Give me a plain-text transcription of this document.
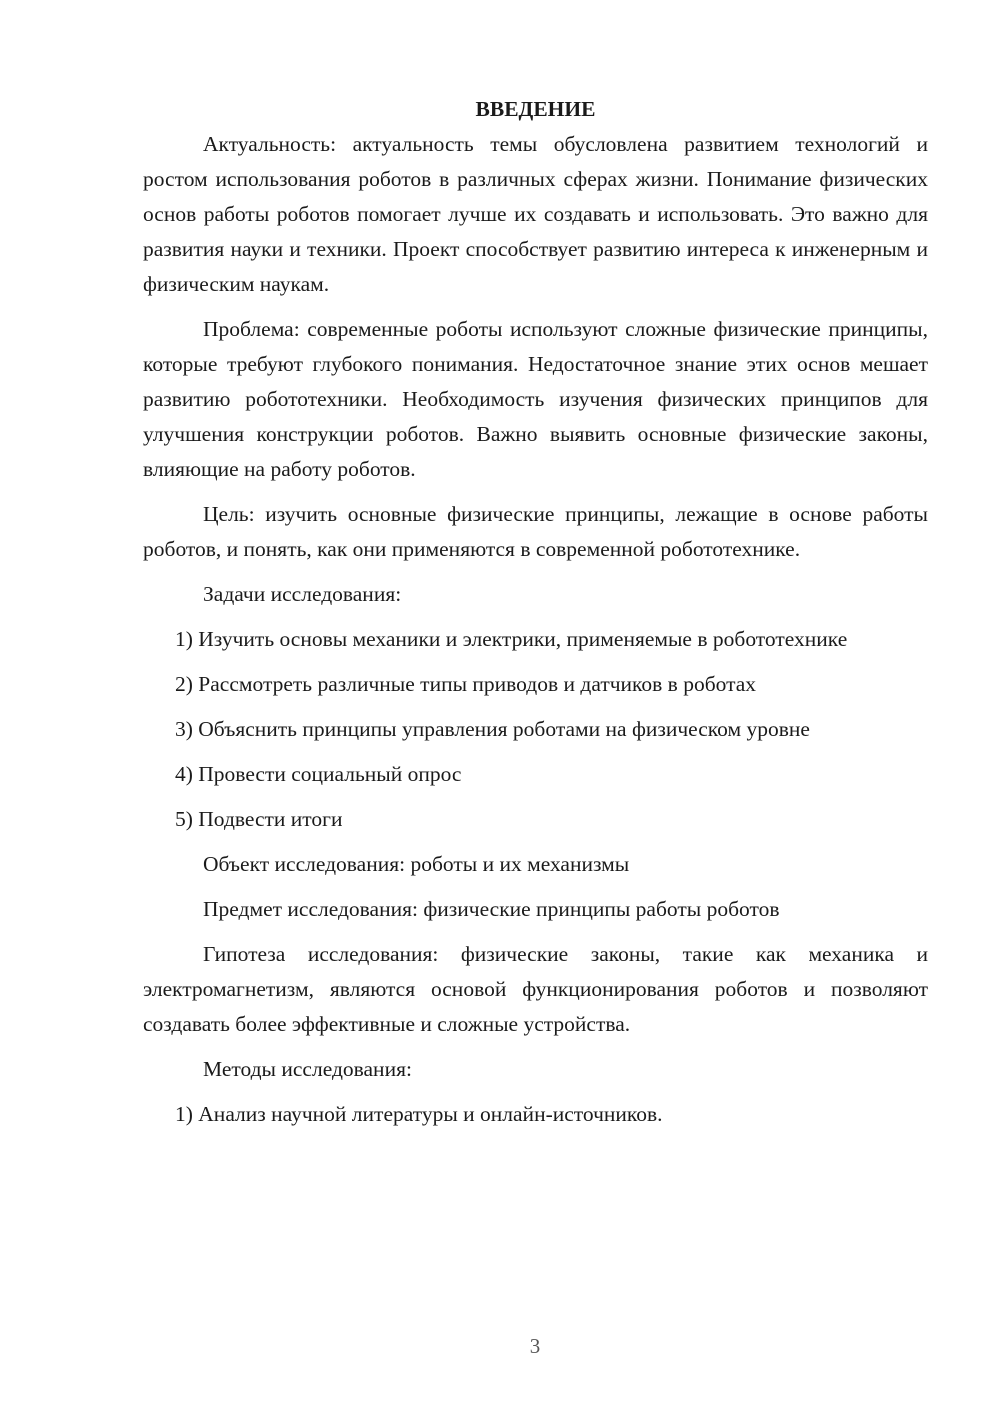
ВВЕДЕНИЕ

Актуальность: актуальность темы обусловлена развитием технологий и ростом использования роботов в различных сферах жизни. Понимание физических основ работы роботов помогает лучше их создавать и использовать. Это важно для развития науки и техники. Проект способствует развитию интереса к инженерным и физическим наукам.

Проблема: современные роботы используют сложные физические принципы, которые требуют глубокого понимания. Недостаточное знание этих основ мешает развитию робототехники. Необходимость изучения физических принципов для улучшения конструкции роботов. Важно выявить основные физические законы, влияющие на работу роботов.

Цель: изучить основные физические принципы, лежащие в основе работы роботов, и понять, как они применяются в современной робототехнике.

Задачи исследования:

1) Изучить основы механики и электрики, применяемые в робототехнике

2) Рассмотреть различные типы приводов и датчиков в роботах

3) Объяснить принципы управления роботами на физическом уровне

4) Провести социальный опрос

5) Подвести итоги

Объект исследования: роботы и их механизмы

Предмет исследования: физические принципы работы роботов

Гипотеза исследования: физические законы, такие как механика и электромагнетизм, являются основой функционирования роботов и позволяют создавать более эффективные и сложные устройства.

Методы исследования:

1) Анализ научной литературы и онлайн-источников.

3
